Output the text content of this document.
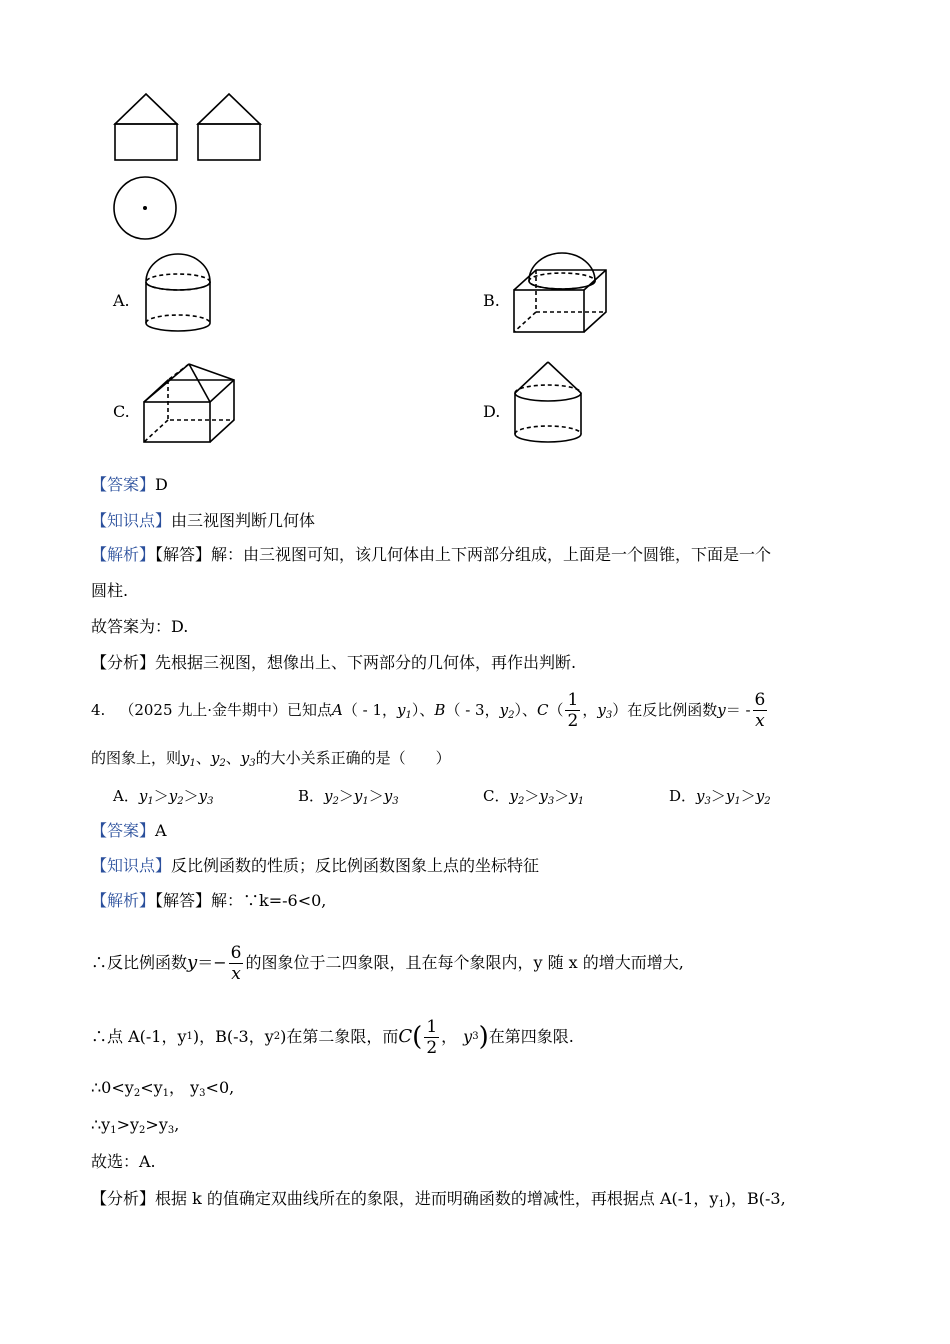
A.	B.
C.	D.
【答案】D
【知识点】由三视图判断几何体
【解析】【解答】解：由三视图可知，该几何体由上下两部分组成，上面是一个圆锥，下面是一个
圆柱.
故答案为：D.
【分析】先根据三视图，想像出上、下两部分的几何体，再作出判断.
4. （2025 九上·金牛期中） 已知点 A （ - 1， $y_1$ ）、 B （ - 3， $y_2$ ）、 C （ $\frac{1}{2}$ ， $y_3$ ）在反比例函数 y ＝ - $\frac{6}{x}$
的图象上，则$y_1$、$y_2$、$y_3$的大小关系正确的是（　　）
A．$y_1>y_2>y_3$	B．$y_2>y_1>y_3$	C．$y_2>y_3>y_1$	D．$y_3>y_1>y_2$
【答案】A
【知识点】反比例函数的性质；反比例函数图象上点的坐标特征
【解析】【解答】解：∵k=-6<0,
∴反比例函数 $y =- \frac{6}{x}$ 的图象位于二四象限，且在每个象限内，y 随 x 的增大而增大,
∴点 A(-1，y 1 )，B(-3，y 2 )在第二象限，而 C ( $\frac{1}{2}$ ， y 3 ) 在第四象限.
$\therefore 0<y_2<y_1$， $y_3<0$,
$\therefore y_1>y_2>y_3$,
故选：A.
【分析】根据 k 的值确定双曲线所在的象限，进而明确函数的增减性，再根据点 A(-1，$y_1$)，B(-3,
